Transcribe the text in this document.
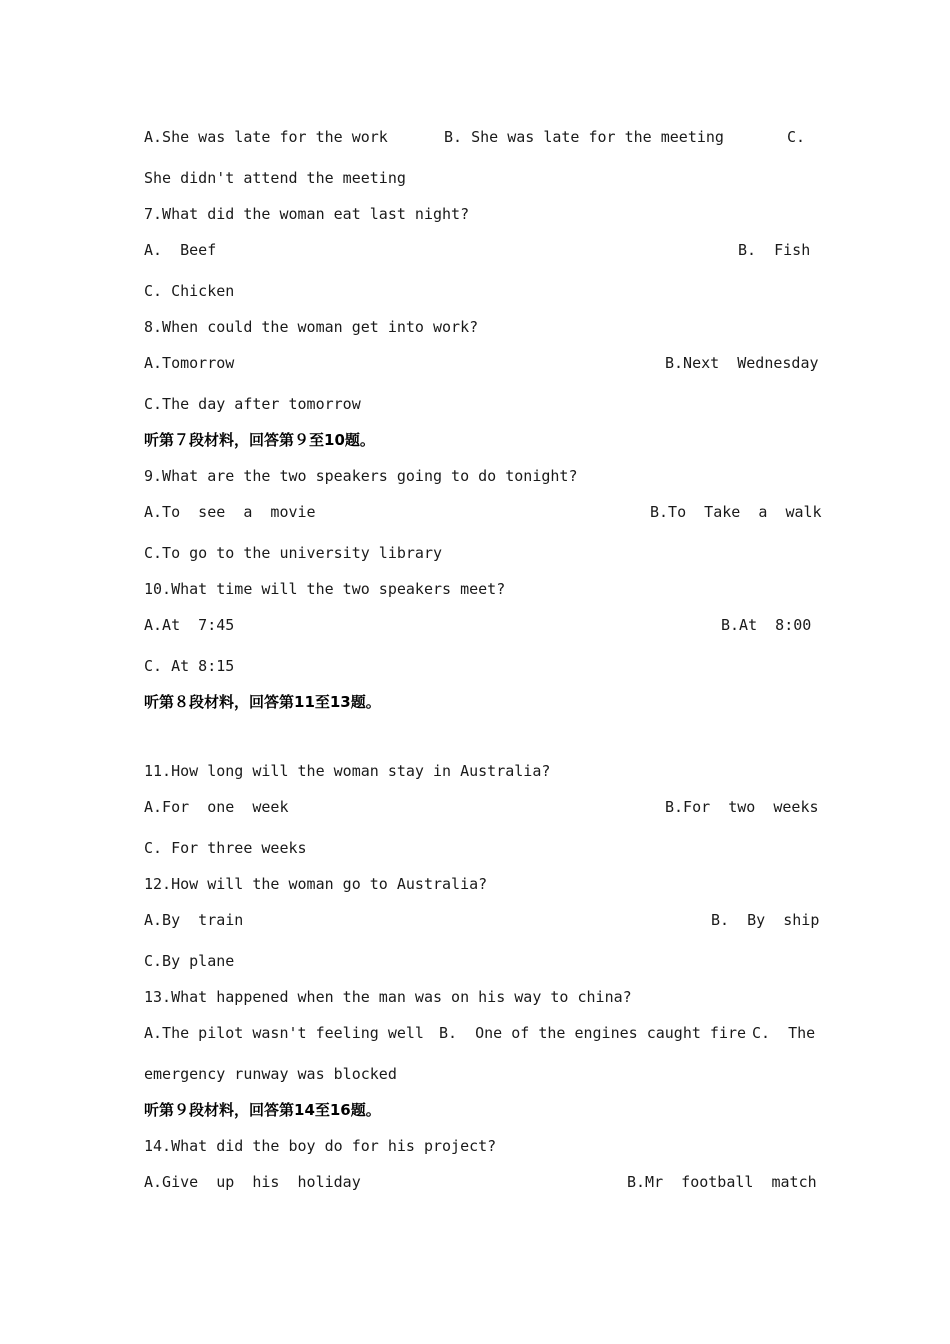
A.She was late for the work	B. She was late for the meeting	C.
She didn't attend the meeting
7.What did the woman eat last night?
A.  Beef	B.  Fish
C. Chicken
8.When could the woman get into work?
A.Tomorrow	B.Next  Wednesday
C.The day after tomorrow
听第７段材料，回答第９至10题。
9.What are the two speakers going to do tonight?
A.To  see  a  movie	B.To  Take  a  walk
C.To go to the university library
10.What time will the two speakers meet?
A.At  7:45	B.At  8:00
C. At 8:15
听第８段材料，回答第11至13题。
11.How long will the woman stay in Australia?
A.For  one  week	B.For  two  weeks
C. For three weeks
12.How will the woman go to Australia?
A.By  train	B.  By  ship
C.By plane
13.What happened when the man was on his way to china?
A.The pilot wasn't feeling well B.  One of the engines caught fire C.  The
emergency runway was blocked
听第９段材料，回答第14至16题。
14.What did the boy do for his project?
A.Give  up  his  holiday	B.Mr  football  match
